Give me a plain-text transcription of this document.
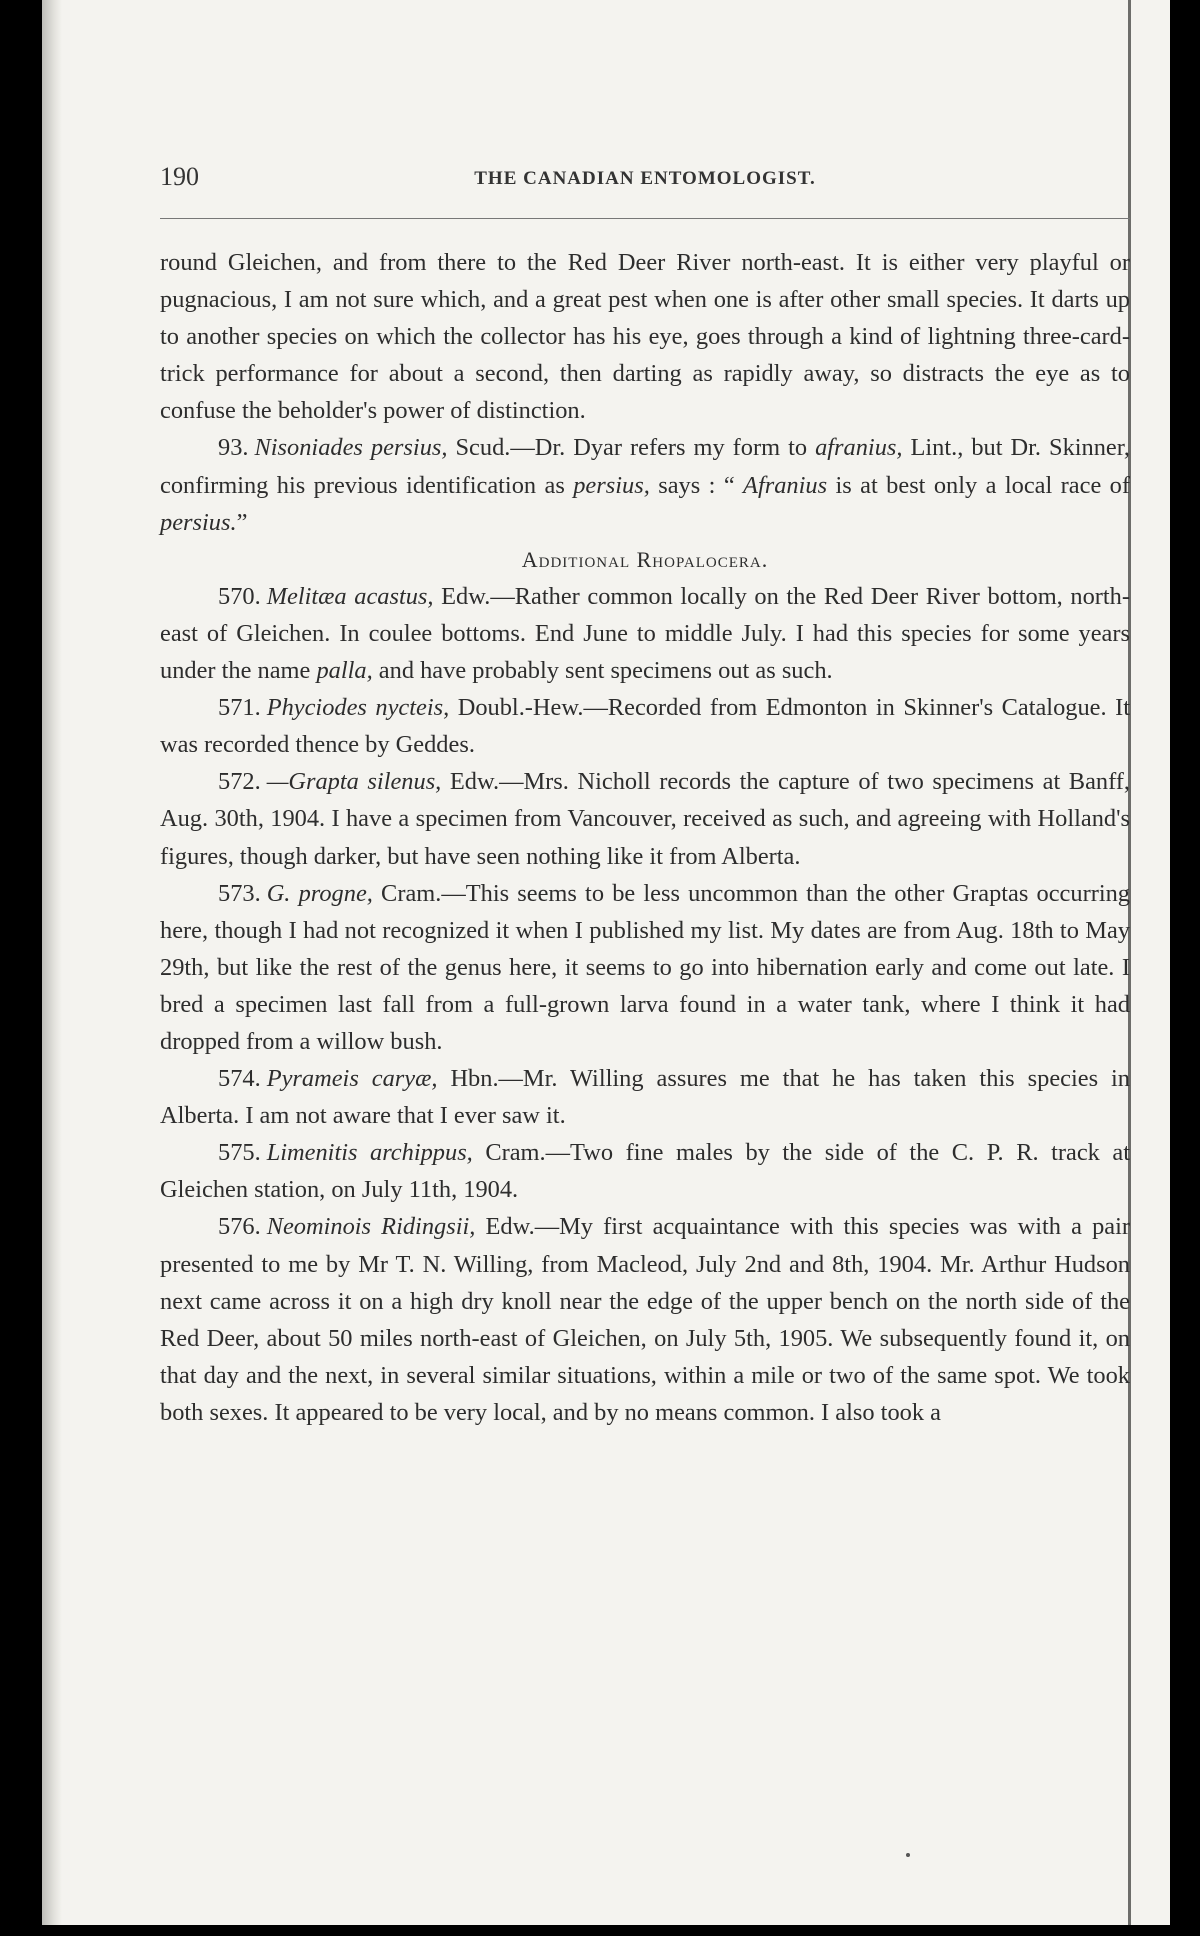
190	THE CANADIAN ENTOMOLOGIST.

round Gleichen, and from there to the Red Deer River north-east. It is either very playful or pugnacious, I am not sure which, and a great pest when one is after other small species. It darts up to another species on which the collector has his eye, goes through a kind of lightning three-card-trick performance for about a second, then darting as rapidly away, so distracts the eye as to confuse the beholder's power of distinction.

93. Nisoniades persius, Scud.—Dr. Dyar refers my form to afranius, Lint., but Dr. Skinner, confirming his previous identification as persius, says : “ Afranius is at best only a local race of persius.”

Additional Rhopalocera.

570. Melitæa acastus, Edw.—Rather common locally on the Red Deer River bottom, north-east of Gleichen. In coulee bottoms. End June to middle July. I had this species for some years under the name palla, and have probably sent specimens out as such.

571. Phyciodes nycteis, Doubl.-Hew.—Recorded from Edmonton in Skinner's Catalogue. It was recorded thence by Geddes.

572. —Grapta silenus, Edw.—Mrs. Nicholl records the capture of two specimens at Banff, Aug. 30th, 1904. I have a specimen from Vancouver, received as such, and agreeing with Holland's figures, though darker, but have seen nothing like it from Alberta.

573. G. progne, Cram.—This seems to be less uncommon than the other Graptas occurring here, though I had not recognized it when I published my list. My dates are from Aug. 18th to May 29th, but like the rest of the genus here, it seems to go into hibernation early and come out late. I bred a specimen last fall from a full-grown larva found in a water tank, where I think it had dropped from a willow bush.

574. Pyrameis caryæ, Hbn.—Mr. Willing assures me that he has taken this species in Alberta. I am not aware that I ever saw it.

575. Limenitis archippus, Cram.—Two fine males by the side of the C. P. R. track at Gleichen station, on July 11th, 1904.

576. Neominois Ridingsii, Edw.—My first acquaintance with this species was with a pair presented to me by Mr T. N. Willing, from Macleod, July 2nd and 8th, 1904. Mr. Arthur Hudson next came across it on a high dry knoll near the edge of the upper bench on the north side of the Red Deer, about 50 miles north-east of Gleichen, on July 5th, 1905. We subsequently found it, on that day and the next, in several similar situations, within a mile or two of the same spot. We took both sexes. It appeared to be very local, and by no means common. I also took a
